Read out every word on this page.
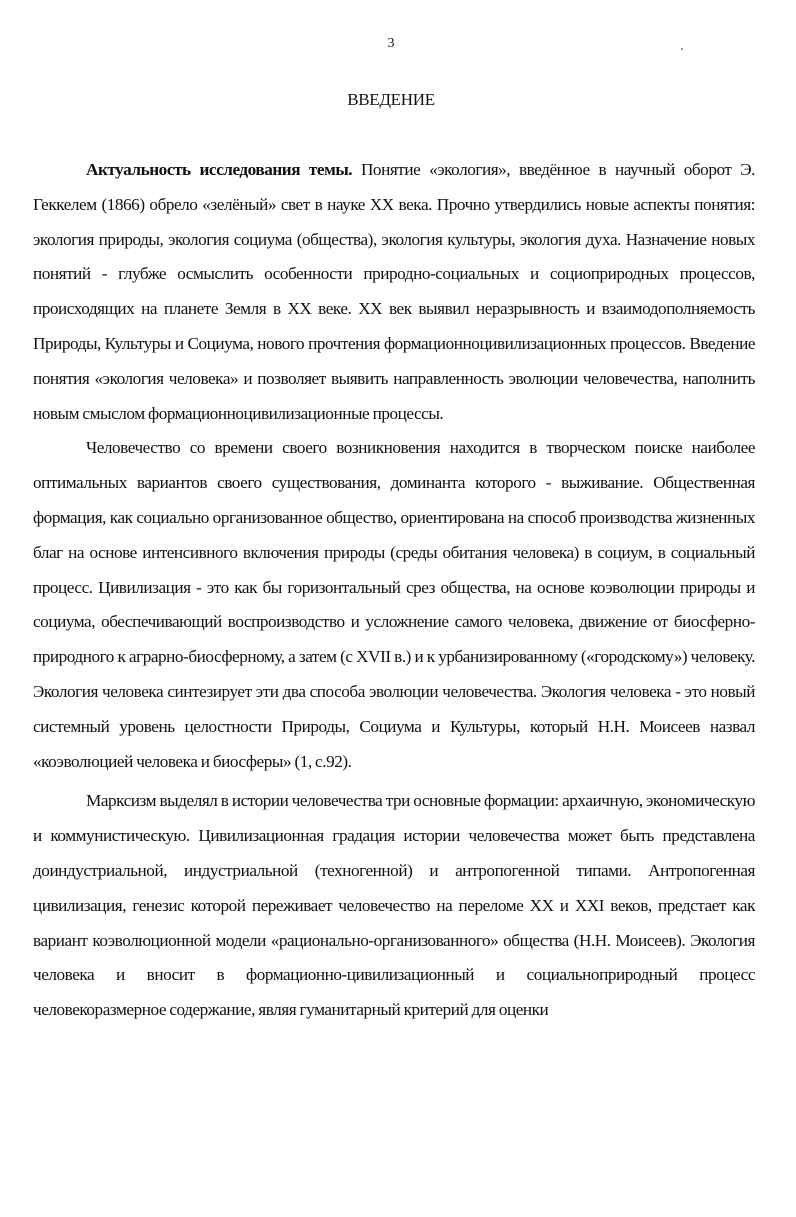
3
ВВЕДЕНИЕ

Актуальность исследования темы. Понятие «экология», введённое в научный оборот Э. Геккелем (1866) обрело «зелёный» свет в науке XX века. Прочно утвердились новые аспекты понятия: экология природы, экология социума (общества), экология культуры, экология духа. Назначение новых понятий - глубже осмыслить особенности природно-социальных и социоприродных процессов, происходящих на планете Земля в XX веке. XX век выявил неразрывность и взаимодополняемость Природы, Культуры и Социума, нового прочтения формационноцивилизационных процессов. Введение понятия «экология человека» и позволяет выявить направленность эволюции человечества, наполнить новым смыслом формационноцивилизационные процессы.

Человечество со времени своего возникновения находится в творческом поиске наиболее оптимальных вариантов своего существования, доминанта которого - выживание. Общественная формация, как социально организованное общество, ориентирована на способ производства жизненных благ на основе интенсивного включения природы (среды обитания человека) в социум, в социальный процесс. Цивилизация - это как бы горизонтальный срез общества, на основе коэволюции природы и социума, обеспечивающий воспроизводство и усложнение самого человека, движение от биосферно-природного к аграрно-биосферному, а затем (с XVII в.) и к урбанизированному («городскому») человеку. Экология человека синтезирует эти два способа эволюции человечества. Экология человека - это новый системный уровень целостности Природы, Социума и Культуры, который Н.Н. Моисеев назвал «коэволюцией человека и биосферы» (1, с.92).

Марксизм выделял в истории человечества три основные формации: архаичную, экономическую и коммунистическую. Цивилизационная градация истории человечества может быть представлена доиндустриальной, индустриальной (техногенной) и антропогенной типами. Антропогенная цивилизация, генезис которой переживает человечество на переломе XX и XXI веков, предстает как вариант коэволюционной модели «рационально-организованного» общества (Н.Н. Моисеев). Экология человека и вносит в формационно-цивилизационный и социальноприродный процесс человекоразмерное содержание, являя гуманитарный критерий для оценки
